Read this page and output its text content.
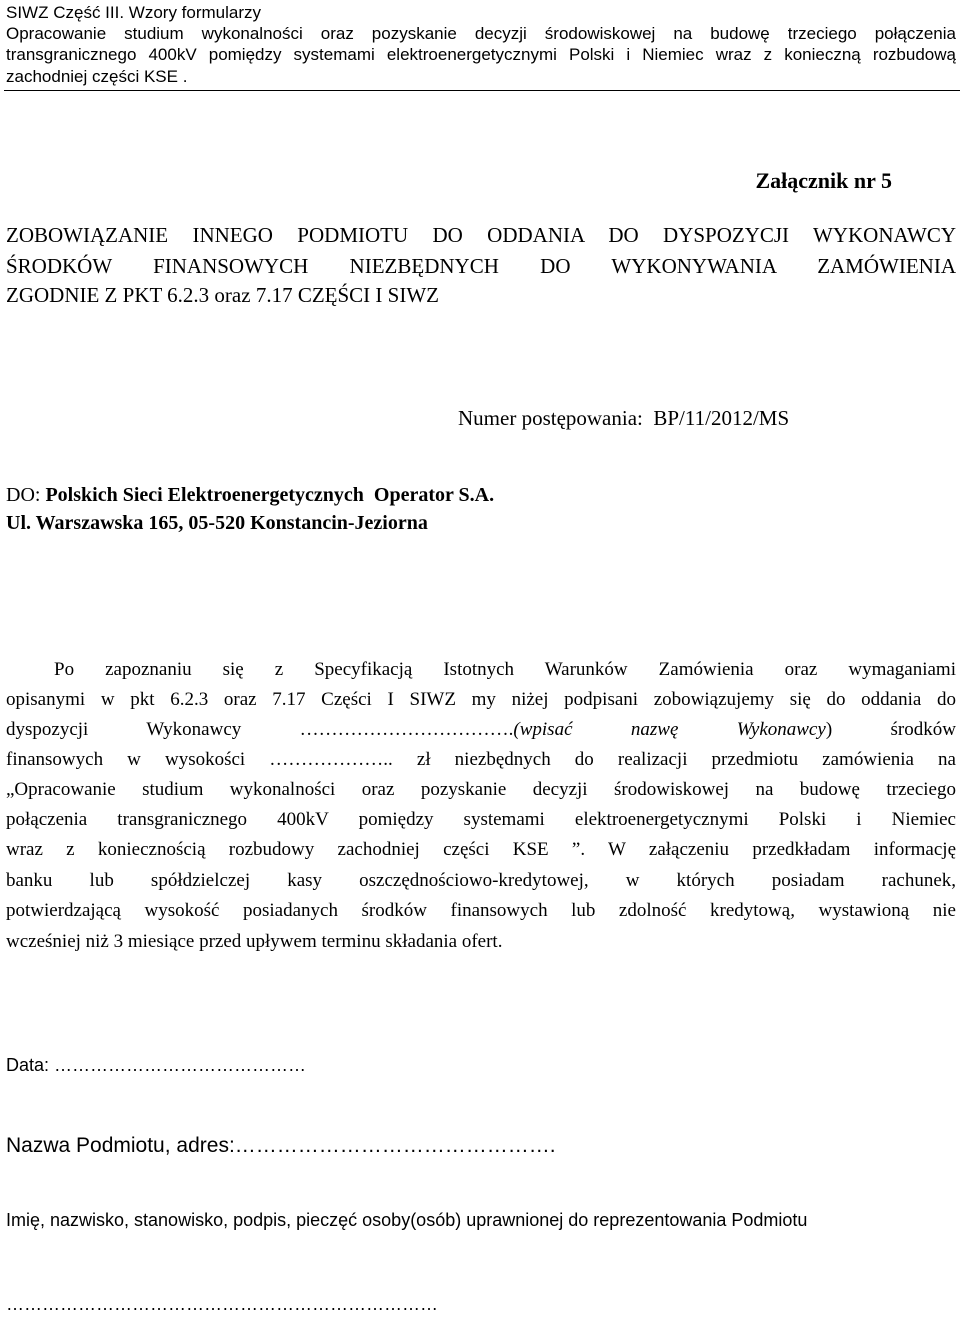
SIWZ Część III. Wzory formularzy
Opracowanie studium wykonalności oraz pozyskanie decyzji środowiskowej na budowę trzeciego połączenia
transgranicznego 400kV pomiędzy systemami elektroenergetycznymi Polski i Niemiec wraz z konieczną rozbudową
zachodniej części KSE .
Załącznik nr 5
ZOBOWIĄZANIE INNEGO PODMIOTU DO ODDANIA DO DYSPOZYCJI WYKONAWCY
ŚRODKÓW FINANSOWYCH NIEZBĘDNYCH DO WYKONYWANIA ZAMÓWIENIA
ZGODNIE Z PKT 6.2.3 oraz 7.17 CZĘŚCI I SIWZ
Numer postępowania: BP/11/2012/MS
DO: Polskich Sieci Elektroenergetycznych  Operator S.A.
Ul. Warszawska 165, 05-520 Konstancin-Jeziorna
Po zapoznaniu się z Specyfikacją Istotnych Warunków Zamówienia oraz wymaganiami
opisanymi w pkt 6.2.3 oraz 7.17 Części I SIWZ my niżej podpisani zobowiązujemy się do oddania do
dyspozycji Wykonawcy …………………………….(wpisać nazwę Wykonawcy) środków
finansowych w wysokości ……………….. zł niezbędnych do realizacji przedmiotu zamówienia na
„Opracowanie studium wykonalności oraz pozyskanie decyzji środowiskowej na budowę trzeciego
połączenia transgranicznego 400kV pomiędzy systemami elektroenergetycznymi Polski i Niemiec
wraz z koniecznością rozbudowy zachodniej części KSE ”. W załączeniu przedkładam informację
banku lub spółdzielczej kasy oszczędnościowo-kredytowej, w których posiadam rachunek,
potwierdzającą wysokość posiadanych środków finansowych lub zdolność kredytową, wystawioną nie
wcześniej niż 3 miesiące przed upływem terminu składania ofert.
Data: ……………………………………
Nazwa Podmiotu, adres:……………………………………….
Imię, nazwisko, stanowisko, podpis, pieczęć osoby(osób) uprawnionej do reprezentowania Podmiotu
………………………………………………………………
